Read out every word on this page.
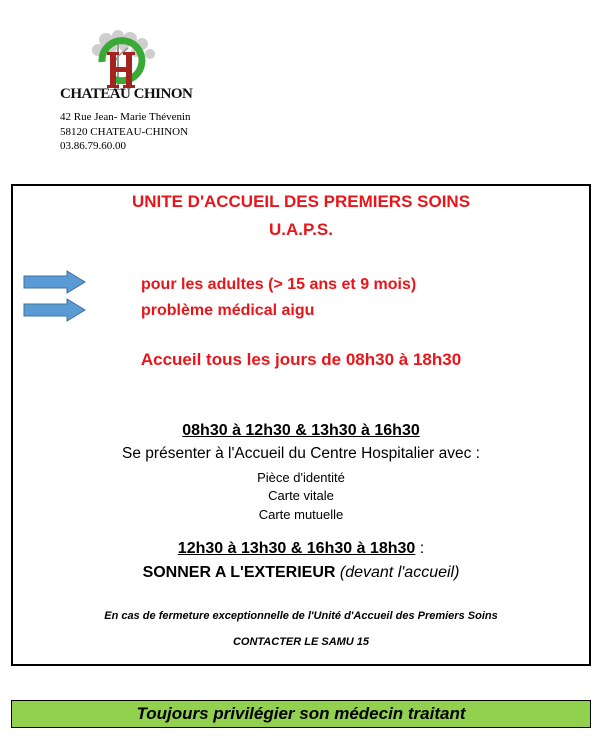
CHATEAU CHINON
42 Rue Jean- Marie Thévenin
58120 CHATEAU-CHINON
03.86.79.60.00
UNITE D'ACCUEIL DES PREMIERS SOINS
U.A.P.S.
pour les adultes (> 15 ans et 9 mois)
problème médical aigu
Accueil tous les jours de 08h30 à 18h30
08h30 à 12h30 & 13h30 à 16h30
Se présenter à l'Accueil du Centre Hospitalier avec :
Pièce d'identité
Carte vitale
Carte mutuelle
12h30 à 13h30 & 16h30 à 18h30 :
SONNER A L'EXTERIEUR (devant l'accueil)
En cas de fermeture exceptionnelle de l'Unité d'Accueil des Premiers Soins
CONTACTER LE SAMU 15
Toujours privilégier son médecin traitant
